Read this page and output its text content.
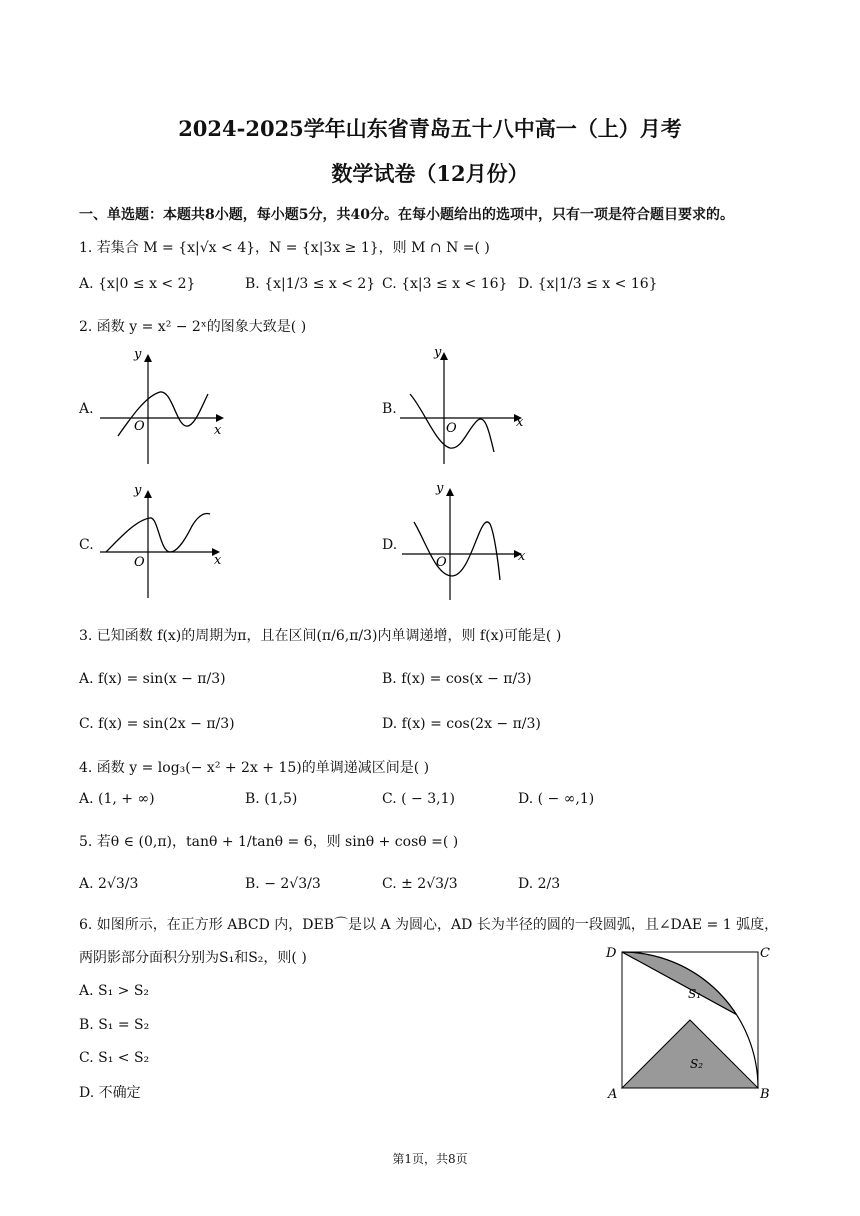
2024-2025学年山东省青岛五十八中高一（上）月考
数学试卷（12月份）
一、单选题：本题共8小题，每小题5分，共40分。在每小题给出的选项中，只有一项是符合题目要求的。
1. 若集合 M = {x|√x < 4}，N = {x|3x ≥ 1}，则 M ∩ N =( )
A. {x|0 ≤ x < 2}	B. {x|1/3 ≤ x < 2} C. {x|3 ≤ x < 16} D. {x|1/3 ≤ x < 16}
2. 函数 y = x² − 2ˣ的图象大致是( )
A.
y
x
O
B.
y
x
O
C.
y
x
O
D.
y
x
O
3. 已知函数 f(x)的周期为π，且在区间(π/6,π/3)内单调递增，则 f(x)可能是( )
A. f(x) = sin(x − π/3)	B. f(x) = cos(x − π/3)
C. f(x) = sin(2x − π/3)	D. f(x) = cos(2x − π/3)
4. 函数 y = log₃(− x² + 2x + 15)的单调递减区间是( )
A. (1, + ∞)	B. (1,5)	C. ( − 3,1)	D. ( − ∞,1)
5. 若θ ∈ (0,π)，tanθ + 1/tanθ = 6，则 sinθ + cosθ =( )
A. 2√3/3	B. − 2√3/3	C. ± 2√3/3	D. 2/3
6. 如图所示，在正方形 ABCD 内，DEB⌒是以 A 为圆心，AD 长为半径的圆的一段圆弧，且∠DAE = 1 弧度，
两阴影部分面积分别为S₁和S₂，则( )
A. S₁ > S₂
B. S₁ = S₂
C. S₁ < S₂
D. 不确定
D	C
A	B
S₁
S₂
第1页，共8页
